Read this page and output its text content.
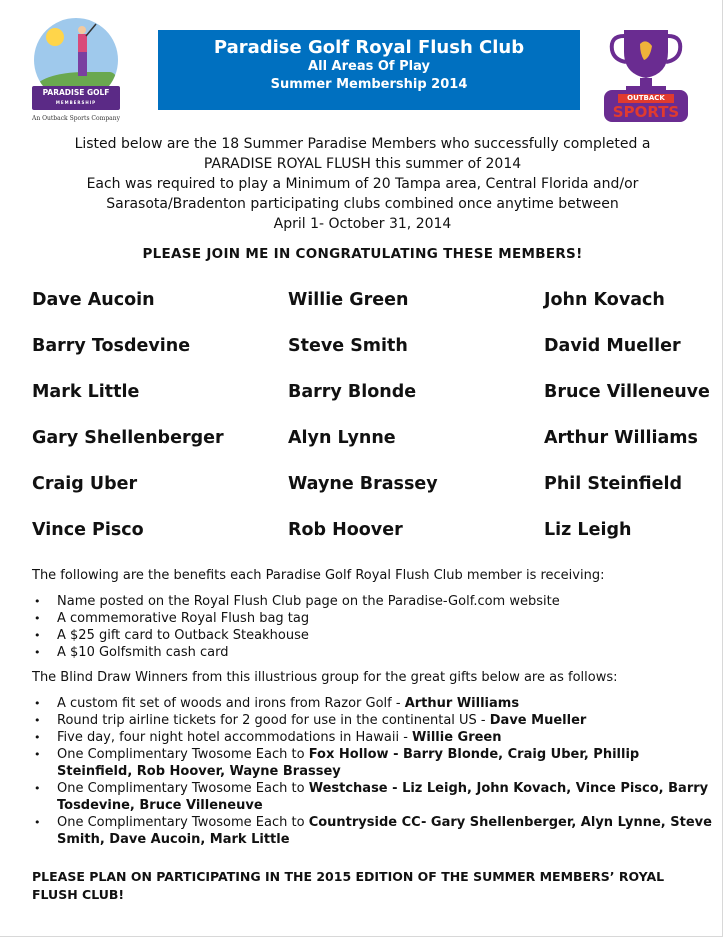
PARADISE GOLF
MEMBERSHIP
An Outback Sports Company
Paradise Golf Royal Flush Club
All Areas Of Play
Summer Membership 2014
OUTBACK
SPORTS
Listed below are the 18 Summer Paradise Members who successfully completed a
PARADISE ROYAL FLUSH this summer of 2014
Each was required to play a Minimum of 20 Tampa area, Central Florida and/or
Sarasota/Bradenton participating clubs combined once anytime between
April 1- October 31, 2014
PLEASE JOIN ME IN CONGRATULATING THESE MEMBERS!
Dave Aucoin	Willie Green	John Kovach
Barry Tosdevine	Steve Smith	David Mueller
Mark Little	Barry Blonde	Bruce Villeneuve
Gary Shellenberger	Alyn Lynne	Arthur Williams
Craig Uber	Wayne Brassey	Phil Steinfield
Vince Pisco	Rob Hoover	Liz Leigh
The following are the benefits each Paradise Golf Royal Flush Club member is receiving:
• Name posted on the Royal Flush Club page on the Paradise-Golf.com website
• A commemorative Royal Flush bag tag
• A $25 gift card to Outback Steakhouse
• A $10 Golfsmith cash card
The Blind Draw Winners from this illustrious group for the great gifts below are as follows:
• A custom fit set of woods and irons from Razor Golf - Arthur Williams
• Round trip airline tickets for 2 good for use in the continental US - Dave Mueller
• Five day, four night hotel accommodations in Hawaii - Willie Green
• One Complimentary Twosome Each to Fox Hollow - Barry Blonde, Craig Uber, Phillip Steinfield, Rob Hoover, Wayne Brassey
• One Complimentary Twosome Each to Westchase - Liz Leigh, John Kovach, Vince Pisco, Barry Tosdevine, Bruce Villeneuve
• One Complimentary Twosome Each to Countryside CC- Gary Shellenberger, Alyn Lynne, Steve Smith, Dave Aucoin, Mark Little
PLEASE PLAN ON PARTICIPATING IN THE 2015 EDITION OF THE SUMMER MEMBERS’ ROYAL FLUSH CLUB!
